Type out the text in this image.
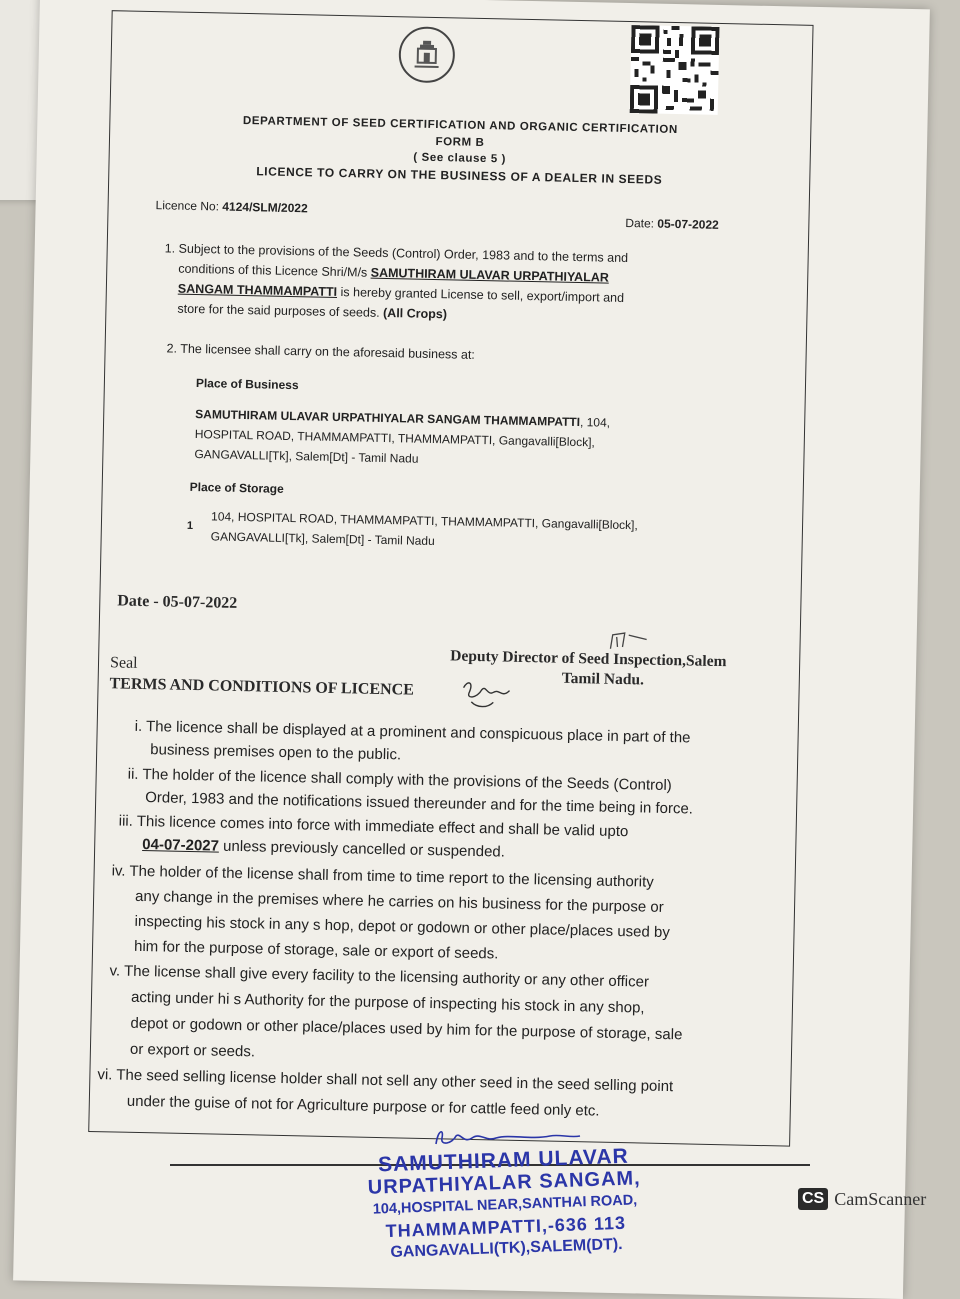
DEPARTMENT OF SEED CERTIFICATION AND ORGANIC CERTIFICATION
FORM B
( See clause 5 )
LICENCE TO CARRY ON THE BUSINESS OF A DEALER IN SEEDS
Licence No: 4124/SLM/2022
Date: 05-07-2022
1. Subject to the provisions of the Seeds (Control) Order, 1983 and to the terms and
conditions of this Licence Shri/M/s SAMUTHIRAM ULAVAR URPATHIYALAR
SANGAM THAMMAMPATTI is hereby granted License to sell, export/import and
store for the said purposes of seeds. (All Crops)
2. The licensee shall carry on the aforesaid business at:
Place of Business
SAMUTHIRAM ULAVAR URPATHIYALAR SANGAM THAMMAMPATTI, 104,
HOSPITAL ROAD, THAMMAMPATTI, THAMMAMPATTI, Gangavalli[Block],
GANGAVALLI[Tk], Salem[Dt] - Tamil Nadu
Place of Storage
1 104, HOSPITAL ROAD, THAMMAMPATTI, THAMMAMPATTI, Gangavalli[Block],
GANGAVALLI[Tk], Salem[Dt] - Tamil Nadu
Date - 05-07-2022
Deputy Director of Seed Inspection,Salem
Tamil Nadu.
Seal
TERMS AND CONDITIONS OF LICENCE
i. The licence shall be displayed at a prominent and conspicuous place in part of the
business premises open to the public.
ii. The holder of the licence shall comply with the provisions of the Seeds (Control)
Order, 1983 and the notifications issued thereunder and for the time being in force.
iii. This licence comes into force with immediate effect and shall be valid upto
04-07-2027 unless previously cancelled or suspended.
iv. The holder of the license shall from time to time report to the licensing authority
any change in the premises where he carries on his business for the purpose or
inspecting his stock in any s hop, depot or godown or other place/places used by
him for the purpose of storage, sale or export of seeds.
v. The license shall give every facility to the licensing authority or any other officer
acting under hi s Authority for the purpose of inspecting his stock in any shop,
depot or godown or other place/places used by him for the purpose of storage, sale
or export or seeds.
vi. The seed selling license holder shall not sell any other seed in the seed selling point
under the guise of not for Agriculture purpose or for cattle feed only etc.
SAMUTHIRAM ULAVAR
URPATHIYALAR SANGAM,
104,HOSPITAL NEAR,SANTHAI ROAD,
THAMMAMPATTI,-636 113
GANGAVALLI(TK),SALEM(DT).
CS CamScanner
